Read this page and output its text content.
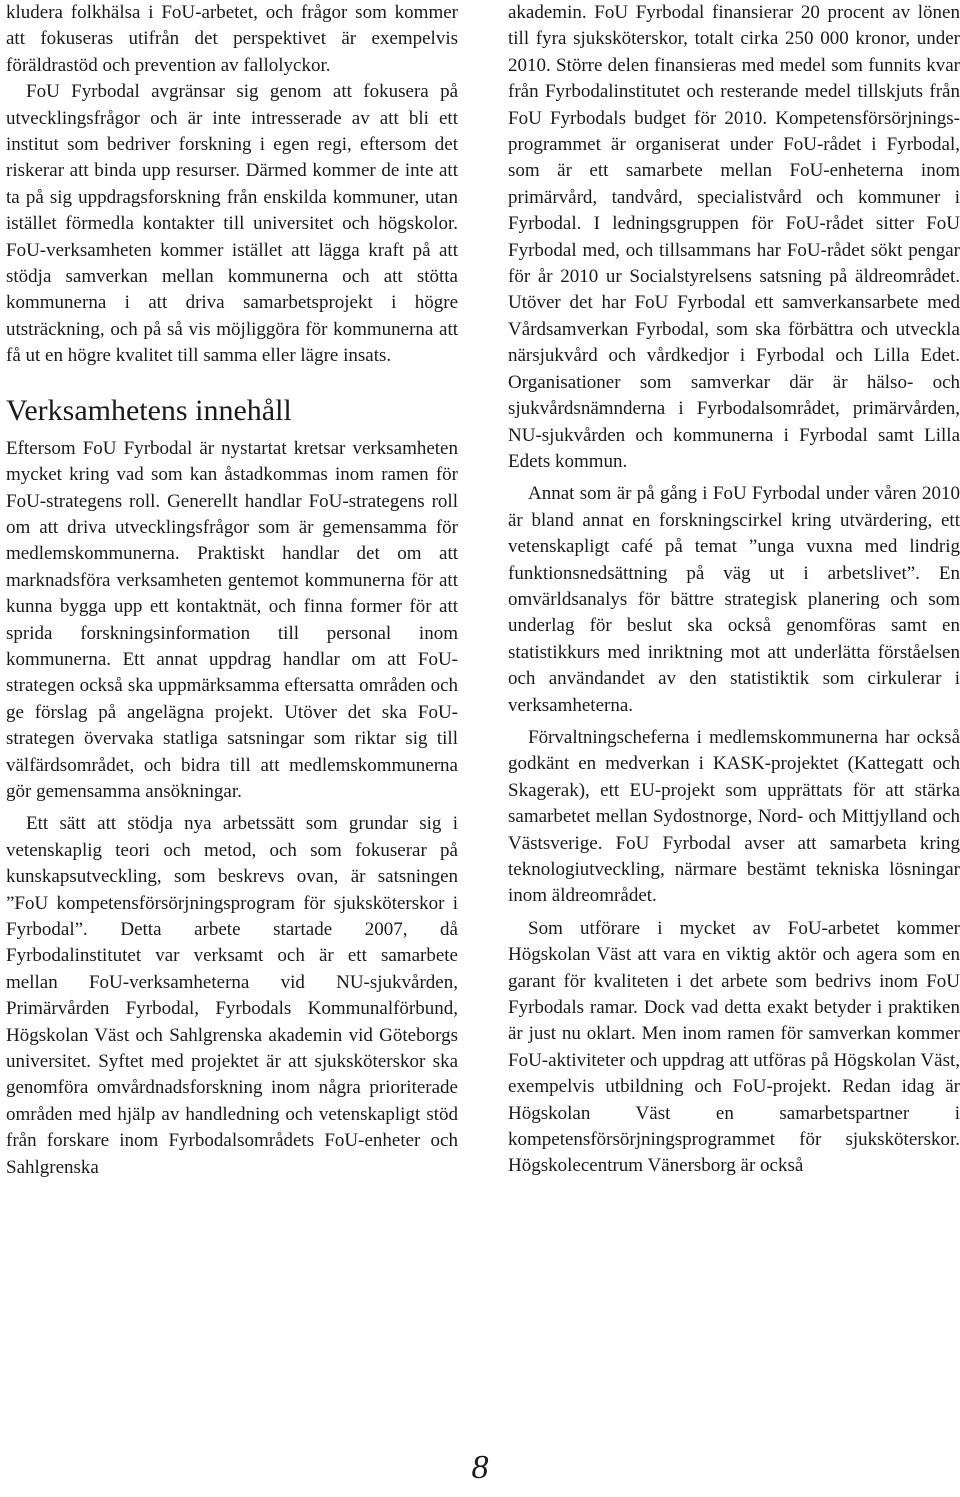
kludera folkhälsa i FoU-arbetet, och frågor som kommer att fokuseras utifrån det perspektivet är exempelvis föräldrastöd och prevention av fallolyckor.

FoU Fyrbodal avgränsar sig genom att fokusera på utvecklingsfrågor och är inte intresserade av att bli ett institut som bedriver forskning i egen regi, eftersom det riskerar att binda upp resurser. Därmed kommer de inte att ta på sig uppdragsforskning från enskilda kommuner, utan istället förmedla kontakter till universitet och högskolor. FoU-verksamheten kommer istället att lägga kraft på att stödja samverkan mellan kommunerna och att stötta kommunerna i att driva samarbetsprojekt i högre utsträckning, och på så vis möjliggöra för kommunerna att få ut en högre kvalitet till samma eller lägre insats.

Verksamhetens innehåll

Eftersom FoU Fyrbodal är nystartat kretsar verksamheten mycket kring vad som kan åstadkommas inom ramen för FoU-strategens roll. Generellt handlar FoU-strategens roll om att driva utvecklingsfrågor som är gemensamma för medlemskommunerna. Praktiskt handlar det om att marknadsföra verksamheten gentemot kommunerna för att kunna bygga upp ett kontaktnät, och finna former för att sprida forskningsinformation till personal inom kommunerna. Ett annat uppdrag handlar om att FoU-strategen också ska uppmärksamma eftersatta områden och ge förslag på angelägna projekt. Utöver det ska FoU-strategen övervaka statliga satsningar som riktar sig till välfärdsområdet, och bidra till att medlemskommunerna gör gemensamma ansökningar.

Ett sätt att stödja nya arbetssätt som grundar sig i vetenskaplig teori och metod, och som fokuserar på kunskapsutveckling, som beskrevs ovan, är satsningen ”FoU kompetensförsörjningsprogram för sjuksköterskor i Fyrbodal”. Detta arbete startade 2007, då Fyrbodalinstitutet var verksamt och är ett samarbete mellan FoU-verksamheterna vid NU-sjukvården, Primärvården Fyrbodal, Fyrbodals Kommunalförbund, Högskolan Väst och Sahlgrenska akademin vid Göteborgs universitet. Syftet med projektet är att sjuksköterskor ska genomföra omvårdnadsforskning inom några prioriterade områden med hjälp av handledning och vetenskapligt stöd från forskare inom Fyrbodalsområdets FoU-enheter och Sahlgrenska

akademin. FoU Fyrbodal finansierar 20 procent av lönen till fyra sjuksköterskor, totalt cirka 250 000 kronor, under 2010. Större delen finansieras med medel som funnits kvar från Fyrbodalinstitutet och resterande medel tillskjuts från FoU Fyrbodals budget för 2010. Kompetensförsörjningsprogrammet är organiserat under FoU-rådet i Fyrbodal, som är ett samarbete mellan FoU-enheterna inom primärvård, tandvård, specialistvård och kommuner i Fyrbodal. I ledningsgruppen för FoU-rådet sitter FoU Fyrbodal med, och tillsammans har FoU-rådet sökt pengar för år 2010 ur Socialstyrelsens satsning på äldreområdet. Utöver det har FoU Fyrbodal ett samverkansarbete med Vårdsamverkan Fyrbodal, som ska förbättra och utveckla närsjukvård och vårdkedjor i Fyrbodal och Lilla Edet. Organisationer som samverkar där är hälso- och sjukvårdsnämnderna i Fyrbodalsområdet, primärvården, NU-sjukvården och kommunerna i Fyrbodal samt Lilla Edets kommun.

Annat som är på gång i FoU Fyrbodal under våren 2010 är bland annat en forskningscirkel kring utvärdering, ett vetenskapligt café på temat ”unga vuxna med lindrig funktionsnedsättning på väg ut i arbetslivet”. En omvärldsanalys för bättre strategisk planering och som underlag för beslut ska också genomföras samt en statistikkurs med inriktning mot att underlätta förståelsen och användandet av den statistiktik som cirkulerar i verksamheterna.

Förvaltningscheferna i medlemskommunerna har också godkänt en medverkan i KASK-projektet (Kattegatt och Skagerak), ett EU-projekt som upprättats för att stärka samarbetet mellan Sydostnorge, Nord- och Mittjylland och Västsverige. FoU Fyrbodal avser att samarbeta kring teknologiutveckling, närmare bestämt tekniska lösningar inom äldreområdet.

Som utförare i mycket av FoU-arbetet kommer Högskolan Väst att vara en viktig aktör och agera som en garant för kvaliteten i det arbete som bedrivs inom FoU Fyrbodals ramar. Dock vad detta exakt betyder i praktiken är just nu oklart. Men inom ramen för samverkan kommer FoU-aktiviteter och uppdrag att utföras på Högskolan Väst, exempelvis utbildning och FoU-projekt. Redan idag är Högskolan Väst en samarbetspartner i kompetensförsörjningsprogrammet för sjuksköterskor. Högskolecentrum Vänersborg är också

8
